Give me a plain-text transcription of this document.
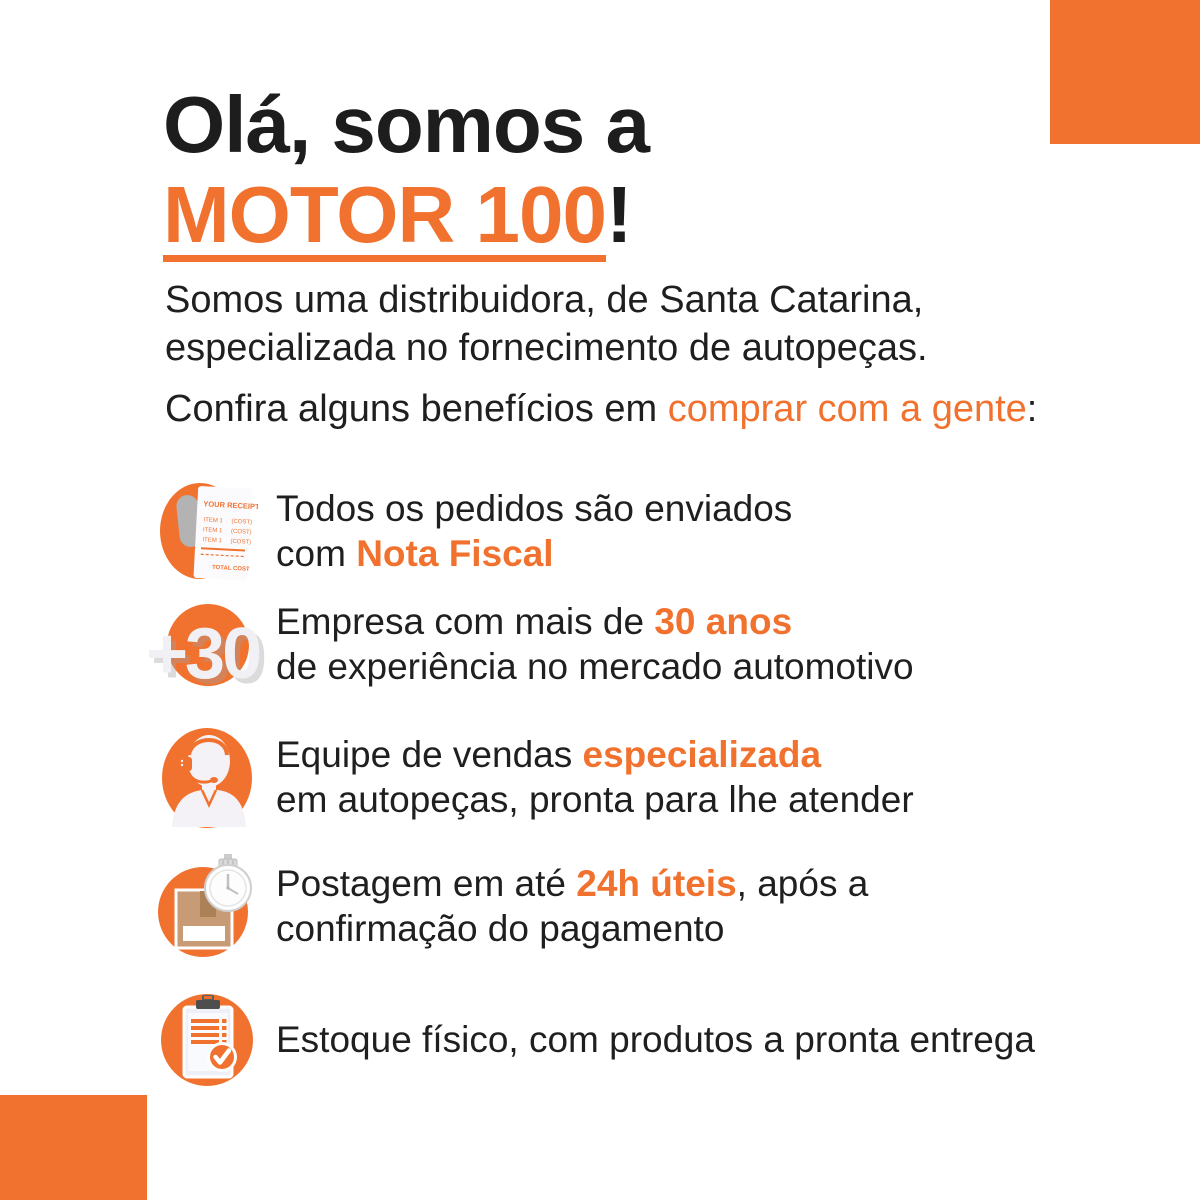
Olá, somos a
MOTOR 100!
Somos uma distribuidora, de Santa Catarina,
especializada no fornecimento de autopeças.
Confira alguns benefícios em comprar com a gente:
YOUR RECEIPT
ITEM 1 (COST)
ITEM 1 (COST)
ITEM 1 (COST)
TOTAL COST
Todos os pedidos são enviados
com Nota Fiscal
+30 Empresa com mais de 30 anos
de experiência no mercado automotivo
Equipe de vendas especializada
em autopeças, pronta para lhe atender
Postagem em até 24h úteis, após a
confirmação do pagamento
Estoque físico, com produtos a pronta entrega
